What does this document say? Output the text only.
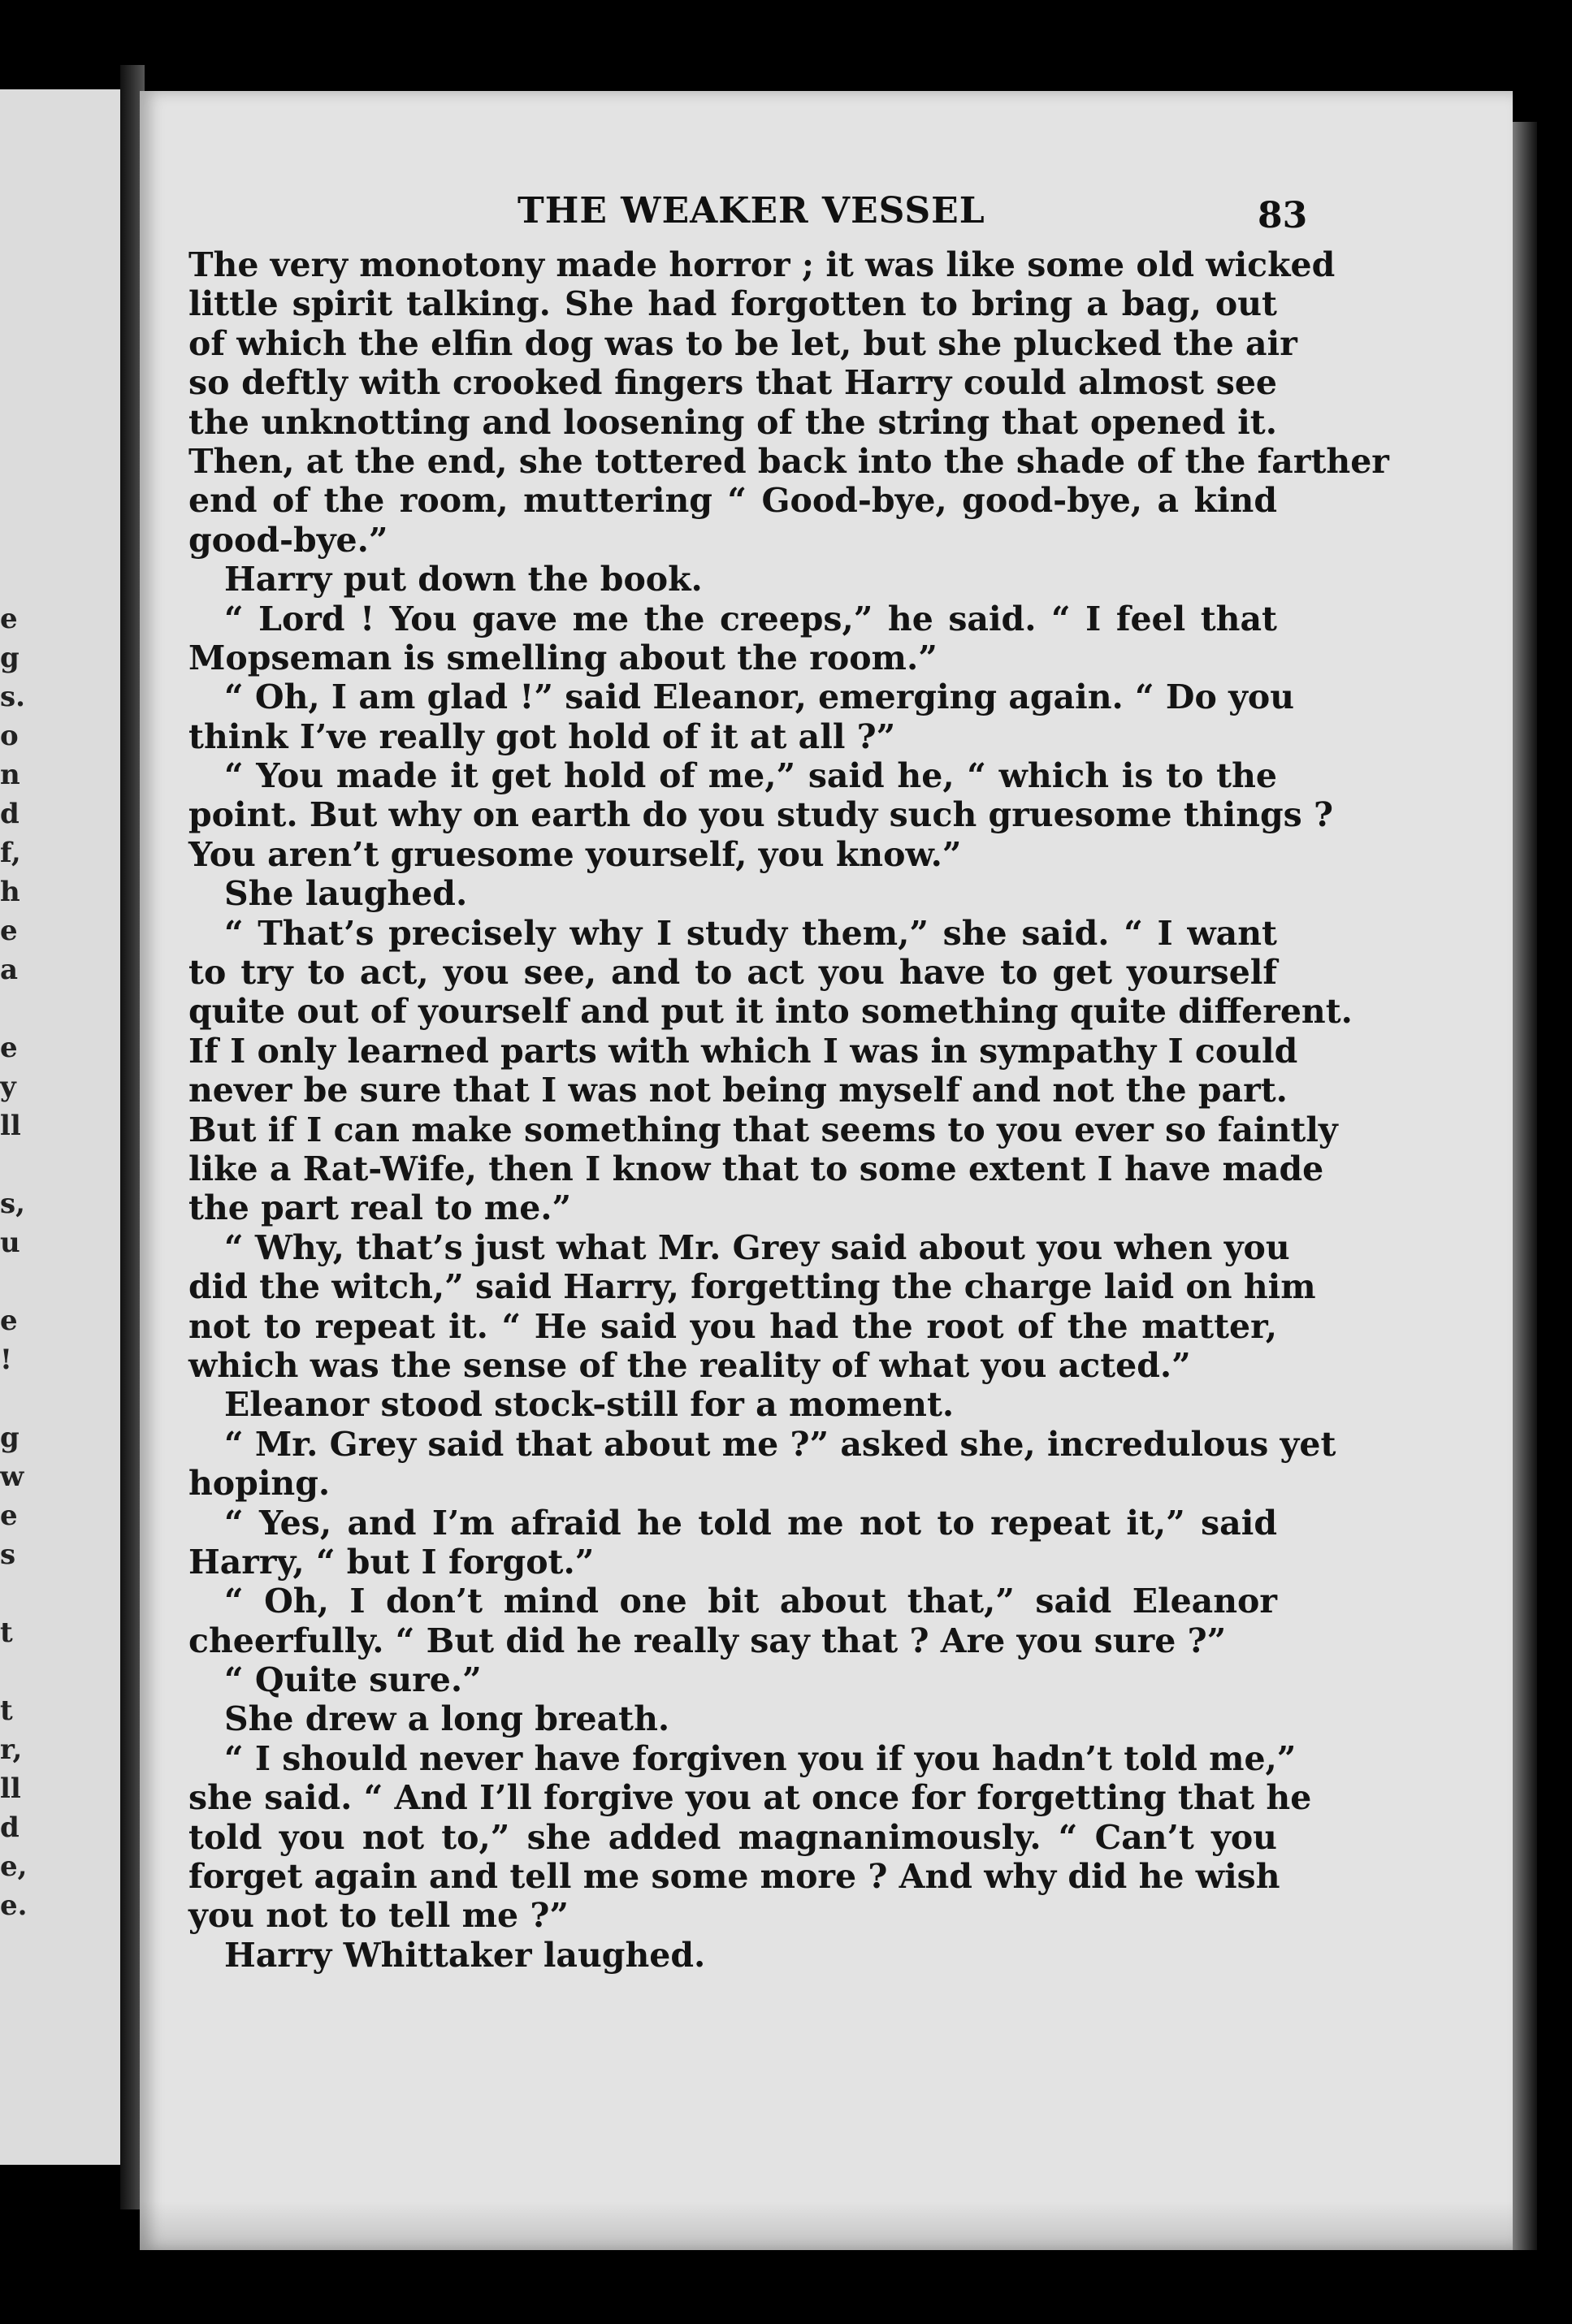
e
g
s.
o
n
d
f,
h
e
a
e
y
ll
s,
u
e
!
g
w
e
s
t
t
r,
ll
d
e,
e.
THE WEAKER VESSEL	83
The very monotony made horror ; it was like some old wicked
little spirit talking. She had forgotten to bring a bag, out
of which the elfin dog was to be let, but she plucked the air
so deftly with crooked fingers that Harry could almost see
the unknotting and loosening of the string that opened it.
Then, at the end, she tottered back into the shade of the farther
end of the room, muttering “ Good-bye, good-bye, a kind
good-bye.”
Harry put down the book.
“ Lord ! You gave me the creeps,” he said. “ I feel that
Mopseman is smelling about the room.”
“ Oh, I am glad !” said Eleanor, emerging again. “ Do you
think I’ve really got hold of it at all ?”
“ You made it get hold of me,” said he, “ which is to the
point. But why on earth do you study such gruesome things ?
You aren’t gruesome yourself, you know.”
She laughed.
“ That’s precisely why I study them,” she said. “ I want
to try to act, you see, and to act you have to get yourself
quite out of yourself and put it into something quite different.
If I only learned parts with which I was in sympathy I could
never be sure that I was not being myself and not the part.
But if I can make something that seems to you ever so faintly
like a Rat-Wife, then I know that to some extent I have made
the part real to me.”
“ Why, that’s just what Mr. Grey said about you when you
did the witch,” said Harry, forgetting the charge laid on him
not to repeat it. “ He said you had the root of the matter,
which was the sense of the reality of what you acted.”
Eleanor stood stock-still for a moment.
“ Mr. Grey said that about me ?” asked she, incredulous yet
hoping.
“ Yes, and I’m afraid he told me not to repeat it,” said
Harry, “ but I forgot.”
“ Oh, I don’t mind one bit about that,” said Eleanor
cheerfully. “ But did he really say that ? Are you sure ?”
“ Quite sure.”
She drew a long breath.
“ I should never have forgiven you if you hadn’t told me,”
she said. “ And I’ll forgive you at once for forgetting that he
told you not to,” she added magnanimously. “ Can’t you
forget again and tell me some more ? And why did he wish
you not to tell me ?”
Harry Whittaker laughed.
